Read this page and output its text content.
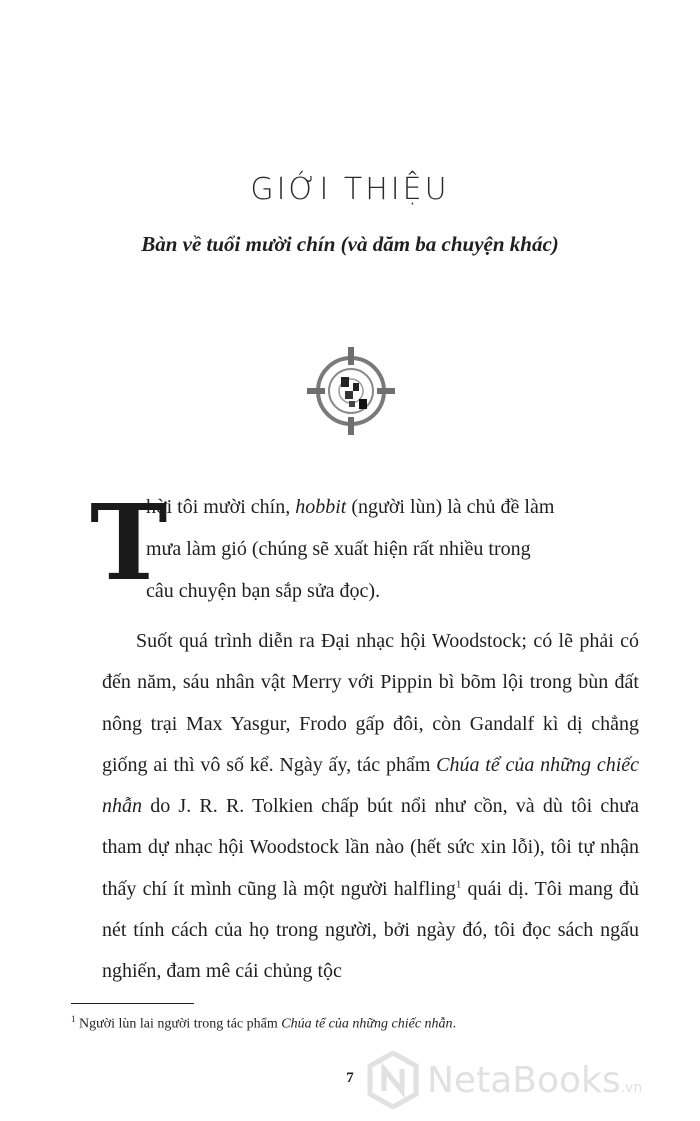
GIỚI THIỆU
Bàn về tuổi mười chín (và dăm ba chuyện khác)
T
hời tôi mười chín, hobbit (người lùn) là chủ đề làm
mưa làm gió (chúng sẽ xuất hiện rất nhiều trong
câu chuyện bạn sắp sửa đọc).

Suốt quá trình diễn ra Đại nhạc hội Woodstock; có lẽ phải có đến năm, sáu nhân vật Merry với Pippin bì bõm lội trong bùn đất nông trại Max Yasgur, Frodo gấp đôi, còn Gandalf kì dị chẳng giống ai thì vô số kể. Ngày ấy, tác phẩm Chúa tể của những chiếc nhẫn do J. R. R. Tolkien chấp bút nổi như cồn, và dù tôi chưa tham dự nhạc hội Woodstock lần nào (hết sức xin lỗi), tôi tự nhận thấy chí ít mình cũng là một người halfling$^1$ quái dị. Tôi mang đủ nét tính cách của họ trong người, bởi ngày đó, tôi đọc sách ngấu nghiến, đam mê cái chủng tộc

$^1$ Người lùn lai người trong tác phẩm Chúa tể của những chiếc nhẫn.
7	NetaBooks.vn
